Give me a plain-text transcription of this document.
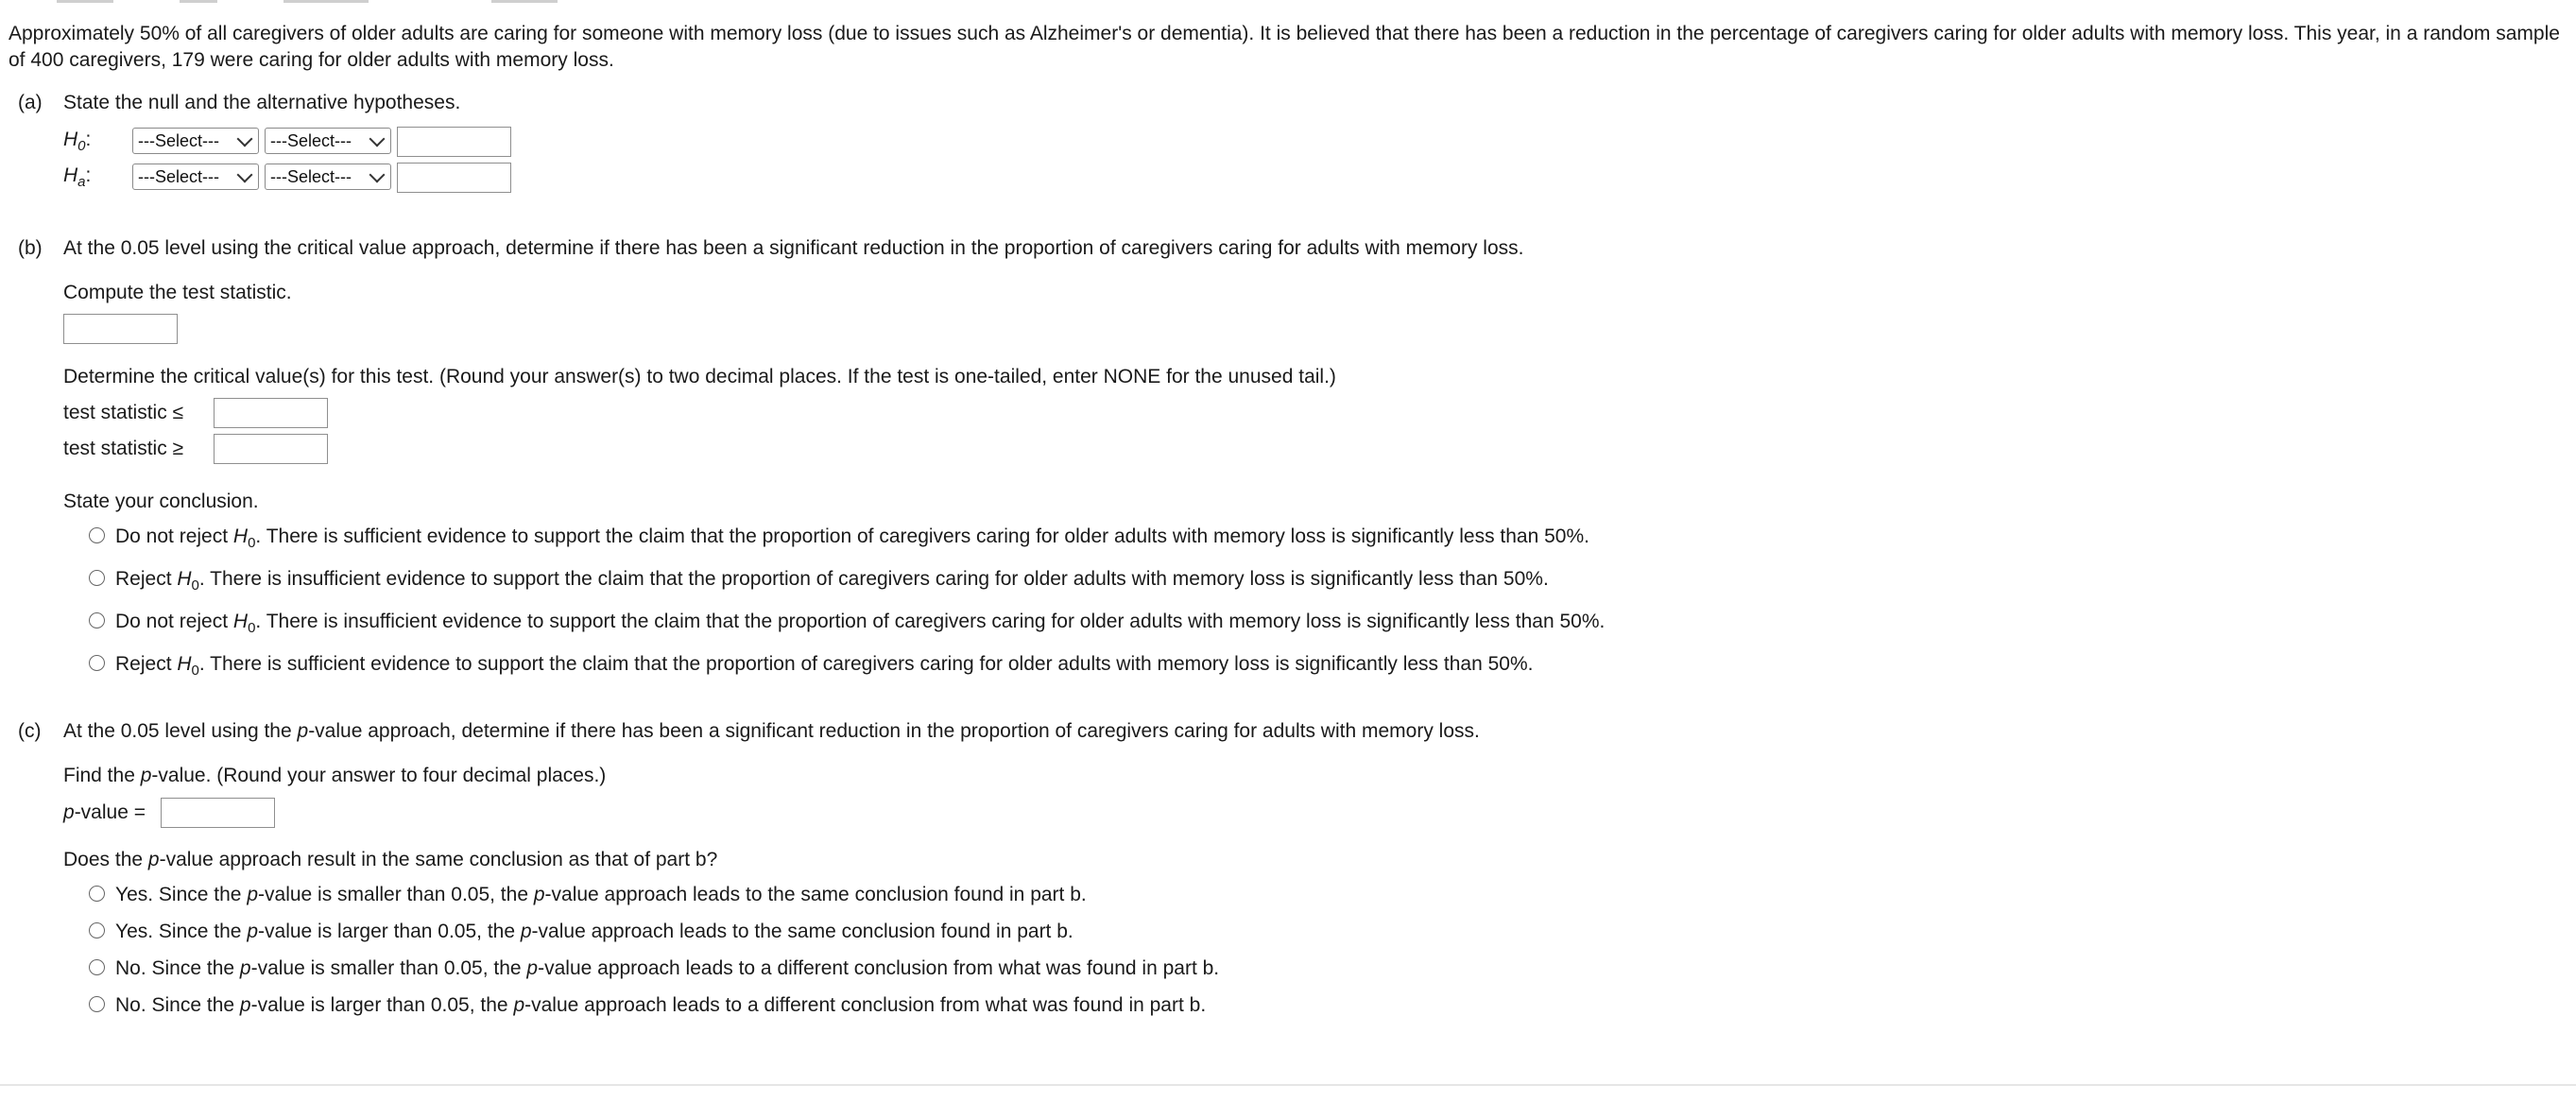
Approximately 50% of all caregivers of older adults are caring for someone with memory loss (due to issues such as Alzheimer's or dementia). It is believed that there has been a reduction in the percentage of caregivers caring for older adults with memory loss. This year, in a random sample of 400 caregivers, 179 were caring for older adults with memory loss.
(a) State the null and the alternative hypotheses.
$H_0$:	---Select---	---Select---
$H_a$:	---Select---	---Select---
(b) At the 0.05 level using the critical value approach, determine if there has been a significant reduction in the proportion of caregivers caring for adults with memory loss.
Compute the test statistic.
Determine the critical value(s) for this test. (Round your answer(s) to two decimal places. If the test is one-tailed, enter NONE for the unused tail.)
test statistic ≤
test statistic ≥
State your conclusion.
Do not reject $H_0$. There is sufficient evidence to support the claim that the proportion of caregivers caring for older adults with memory loss is significantly less than 50%.
Reject $H_0$. There is insufficient evidence to support the claim that the proportion of caregivers caring for older adults with memory loss is significantly less than 50%.
Do not reject $H_0$. There is insufficient evidence to support the claim that the proportion of caregivers caring for older adults with memory loss is significantly less than 50%.
Reject $H_0$. There is sufficient evidence to support the claim that the proportion of caregivers caring for older adults with memory loss is significantly less than 50%.
(c) At the 0.05 level using the p-value approach, determine if there has been a significant reduction in the proportion of caregivers caring for adults with memory loss.
Find the p-value. (Round your answer to four decimal places.)
p-value =
Does the p-value approach result in the same conclusion as that of part b?
Yes. Since the p-value is smaller than 0.05, the p-value approach leads to the same conclusion found in part b.
Yes. Since the p-value is larger than 0.05, the p-value approach leads to the same conclusion found in part b.
No. Since the p-value is smaller than 0.05, the p-value approach leads to a different conclusion from what was found in part b.
No. Since the p-value is larger than 0.05, the p-value approach leads to a different conclusion from what was found in part b.
